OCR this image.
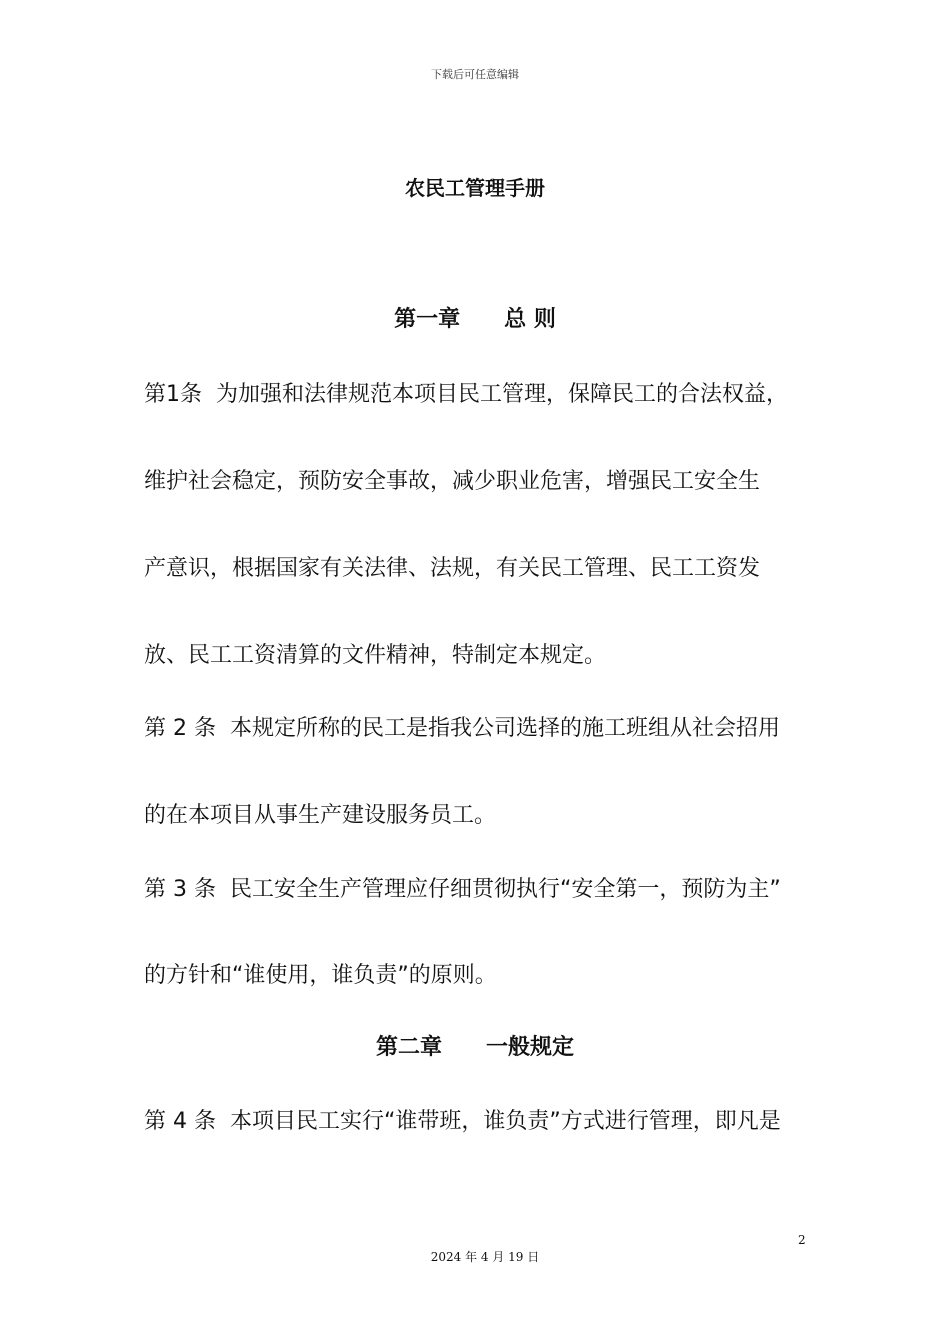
下载后可任意编辑
农民工管理手册
第一章　　总 则
第1条  为加强和法律规范本项目民工管理，保障民工的合法权益，
维护社会稳定，预防安全事故，减少职业危害，增强民工安全生
产意识，根据国家有关法律、法规，有关民工管理、民工工资发
放、民工工资清算的文件精神，特制定本规定。
第 2 条  本规定所称的民工是指我公司选择的施工班组从社会招用
的在本项目从事生产建设服务员工。
第 3 条  民工安全生产管理应仔细贯彻执行“安全第一，预防为主”
的方针和“谁使用，谁负责”的原则。
第二章　　一般规定
第 4 条  本项目民工实行“谁带班，谁负责”方式进行管理，即凡是
2
2024 年 4 月 19 日
